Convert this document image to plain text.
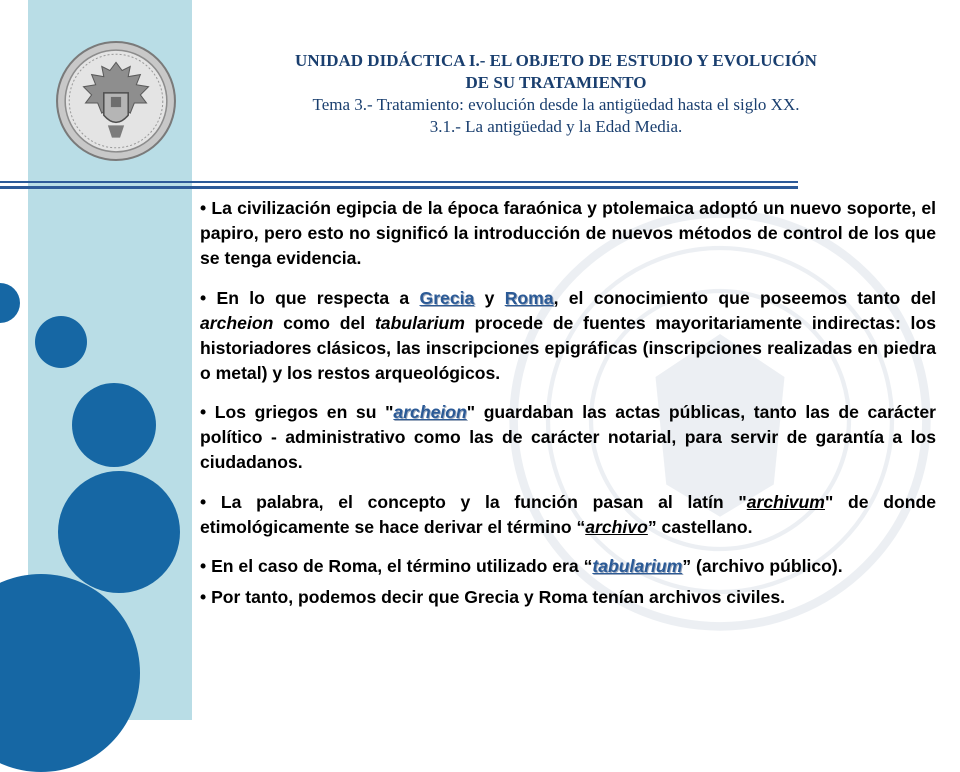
UNIDAD DIDÁCTICA I.- EL OBJETO DE ESTUDIO Y EVOLUCIÓN
DE SU TRATAMIENTO
Tema 3.- Tratamiento: evolución desde la antigüedad hasta el siglo XX.
3.1.- La antigüedad y la Edad Media.

• La civilización egipcia de la época faraónica y ptolemaica adoptó un nuevo soporte, el papiro, pero esto no significó la introducción de nuevos métodos de control de los que se tenga evidencia.

• En lo que respecta a Grecia y Roma, el conocimiento que poseemos tanto del archeion como del tabularium procede de fuentes mayoritariamente indirectas: los historiadores clásicos, las inscripciones epigráficas (inscripciones realizadas en piedra o metal) y los restos arqueológicos.

• Los griegos en su "archeion" guardaban las actas públicas, tanto las de carácter político - administrativo como las de carácter notarial, para servir de garantía a los ciudadanos.

• La palabra, el concepto y la función pasan al latín "archivum" de donde etimológicamente se hace derivar el término “archivo” castellano.

• En el caso de Roma, el término utilizado era “tabularium” (archivo público).

• Por tanto, podemos decir que Grecia y Roma tenían archivos civiles.
